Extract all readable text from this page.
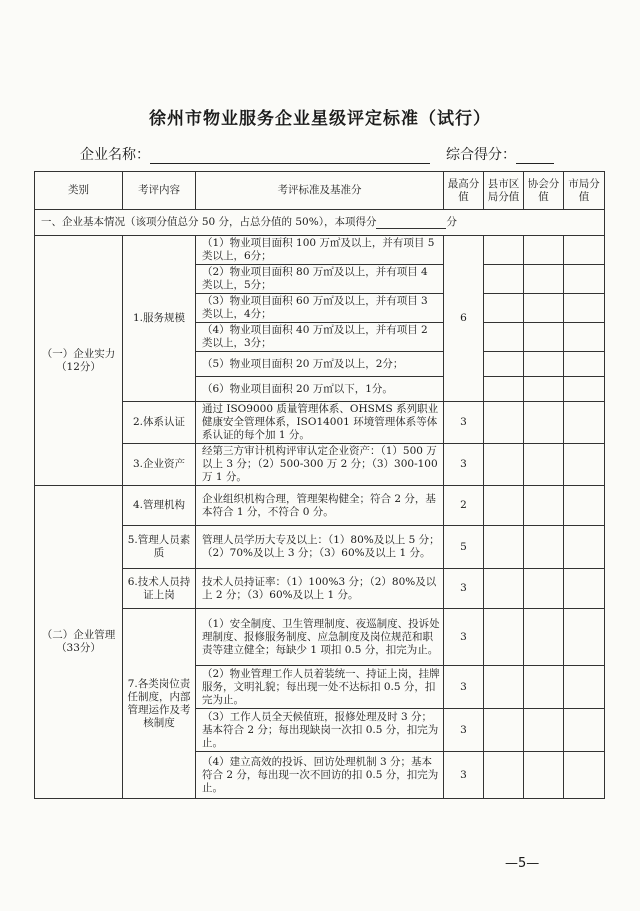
徐州市物业服务企业星级评定标准（试行）
企业名称：	综合得分：
类别	考评内容	考评标准及基准分	最高分值	县市区局分值	协会分值	市局分值
一、企业基本情况（该项分值总分 50 分，占总分值的 50%），本项得分 分						
（一）企业实力（12分）	1.服务规模	（1）物业项目面积 100 万㎡及以上，并有项目 5 类以上，6分；	6			
		（2）物业项目面积 80 万㎡及以上，并有项目 4 类以上，5分；				
		（3）物业项目面积 60 万㎡及以上，并有项目 3 类以上，4分；				
		（4）物业项目面积 40 万㎡及以上，并有项目 2 类以上，3分；				
		（5）物业项目面积 20 万㎡及以上，2分；				
		（6）物业项目面积 20 万㎡以下，1分。				
	2.体系认证	通过 ISO9000 质量管理体系、OHSMS 系列职业健康安全管理体系，ISO14001 环境管理体系等体系认证的每个加 1 分。	3			
	3.企业资产	经第三方审计机构评审认定企业资产：（1）500 万以上 3 分；（2）500-300 万 2 分；（3）300-100 万 1 分。	3			
（二）企业管理（33分）	4.管理机构	企业组织机构合理，管理架构健全；符合 2 分，基本符合 1 分，不符合 0 分。	2			
	5.管理人员素质	管理人员学历大专及以上：（1）80%及以上 5 分；（2）70%及以上 3 分；（3）60%及以上 1 分。	5			
	6.技术人员持证上岗	技术人员持证率：（1）100%3 分；（2）80%及以上 2 分；（3）60%及以上 1 分。	3			
	7.各类岗位责任制度，内部管理运作及考核制度	（1）安全制度、卫生管理制度、夜巡制度、投诉处理制度、报修服务制度、应急制度及岗位规范和职责等建立健全；每缺少 1 项扣 0.5 分，扣完为止。	3			
		（2）物业管理工作人员着装统一、持证上岗，挂牌服务，文明礼貌；每出现一处不达标扣 0.5 分，扣完为止。	3			
		（3）工作人员全天候值班，报修处理及时 3 分；基本符合 2 分；每出现缺岗一次扣 0.5 分，扣完为止。	3			
		（4）建立高效的投诉、回访处理机制 3 分；基本符合 2 分，每出现一次不回访的扣 0.5 分，扣完为止。	3			
—5—
